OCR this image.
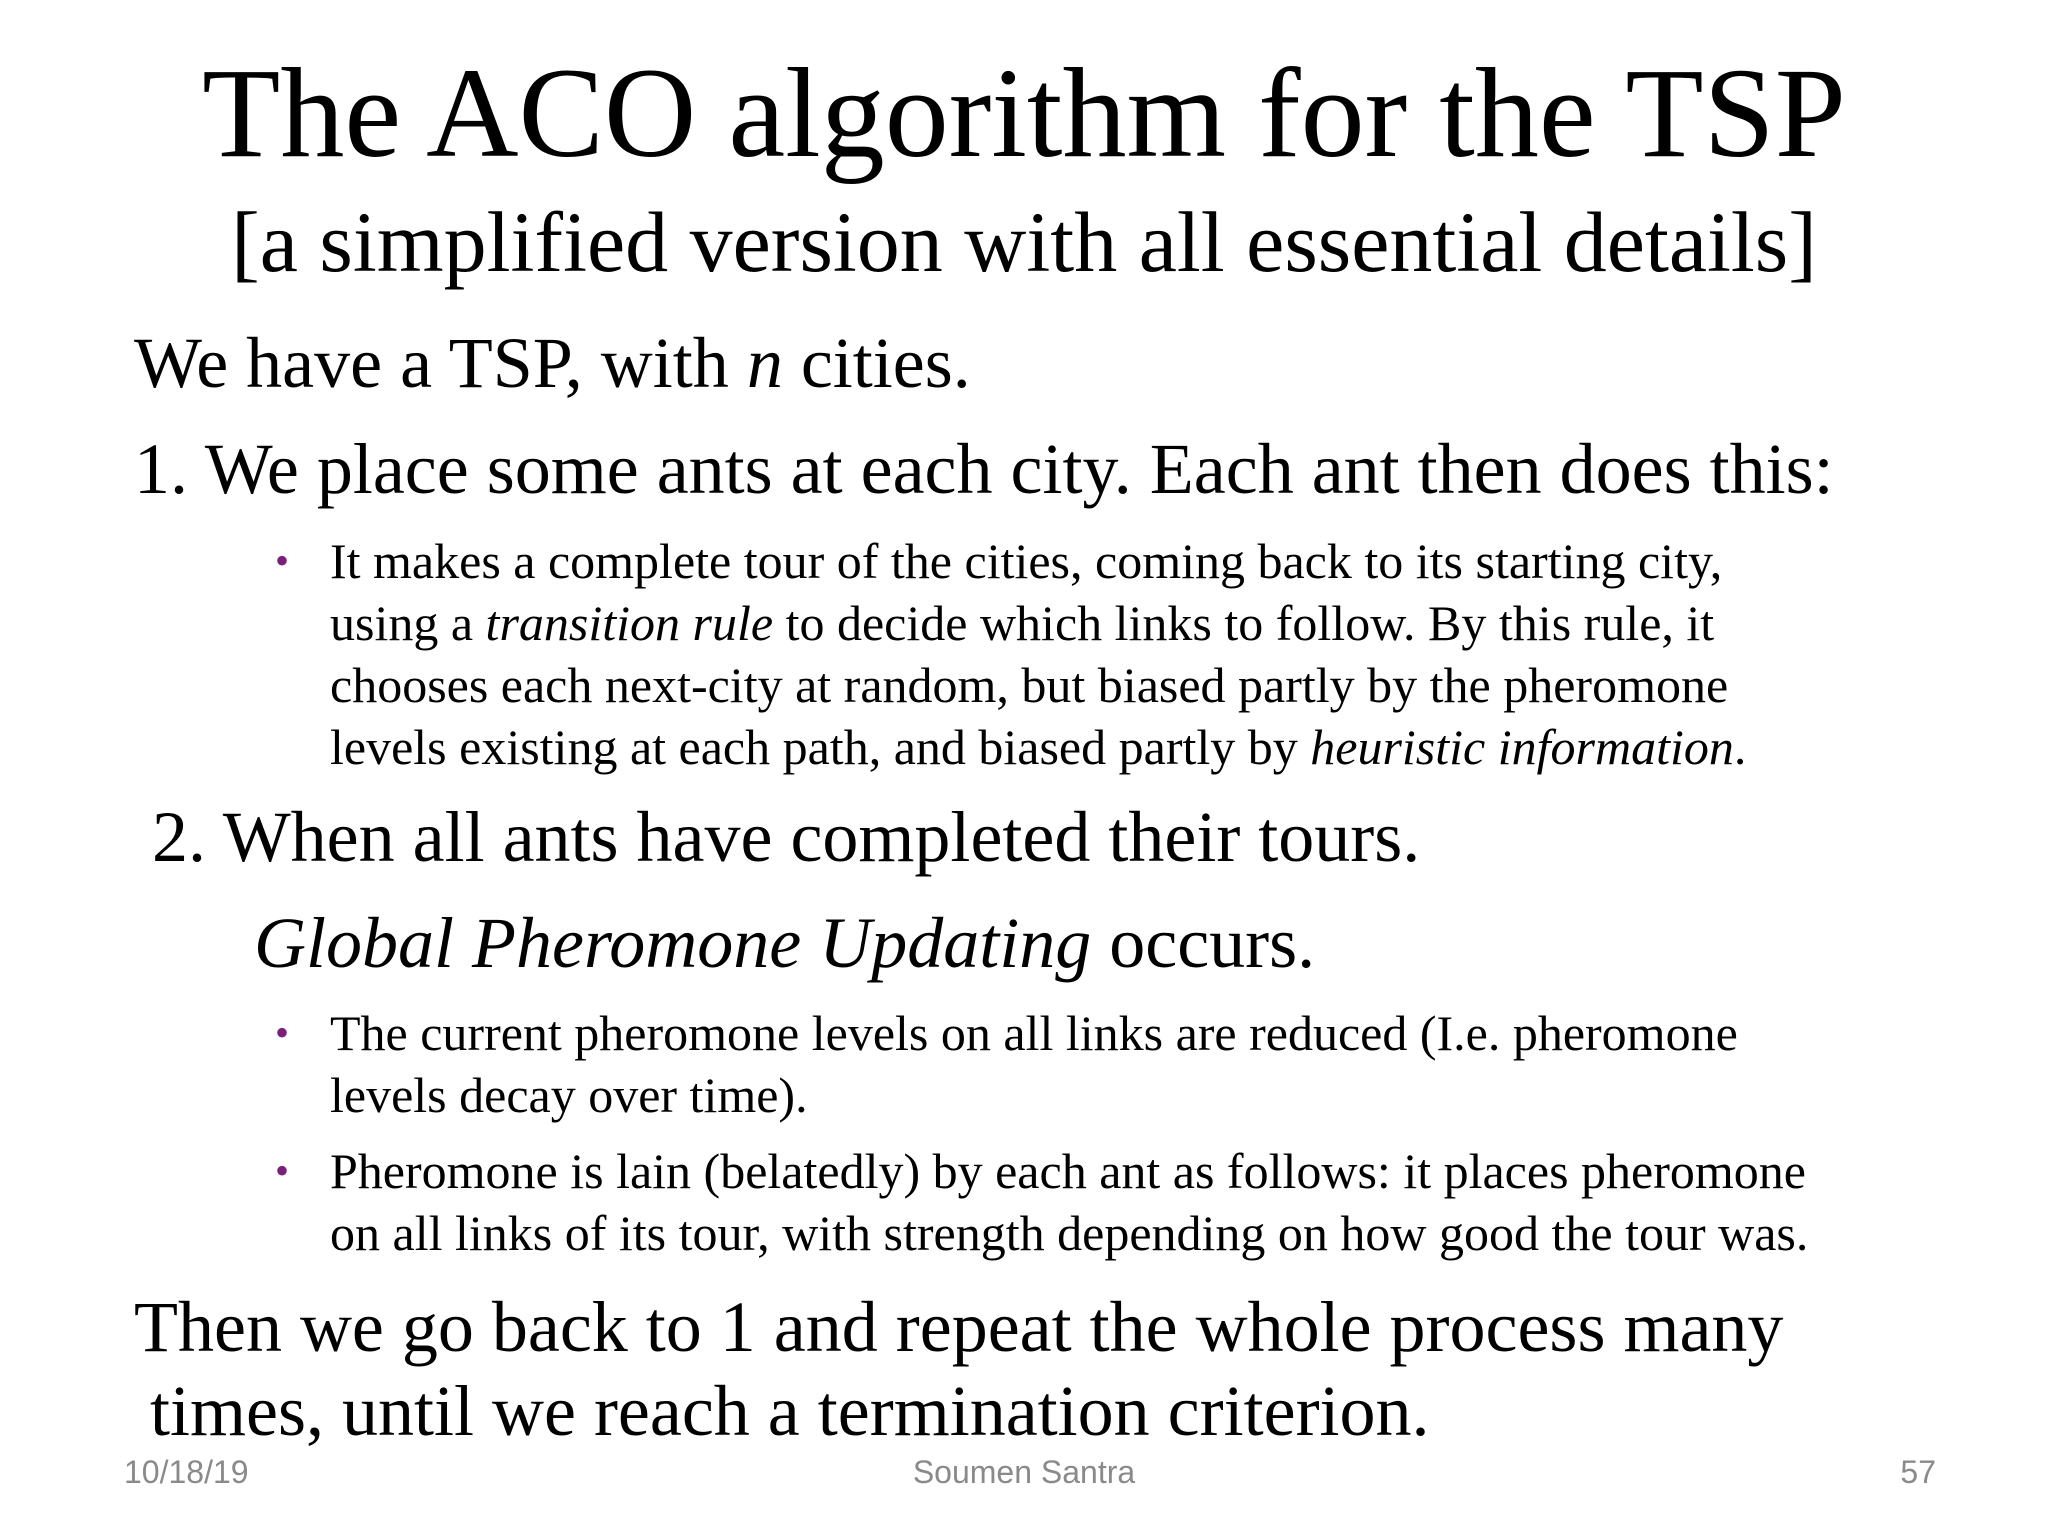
The ACO algorithm for the TSP
[a simplified version with all essential details]
We have a TSP, with n cities.
1. We place some ants at each city. Each ant then does this:
• It makes a complete tour of the cities, coming back to its starting city,
using a transition rule to decide which links to follow. By this rule, it
chooses each next-city at random, but biased partly by the pheromone
levels existing at each path, and biased partly by heuristic information.
2. When all ants have completed their tours.
Global Pheromone Updating occurs.
• The current pheromone levels on all links are reduced (I.e. pheromone
levels decay over time).
• Pheromone is lain (belatedly) by each ant as follows: it places pheromone
on all links of its tour, with strength depending on how good the tour was.
Then we go back to 1 and repeat the whole process many
times, until we reach a termination criterion.
Soumen Santra
10/18/19	57
